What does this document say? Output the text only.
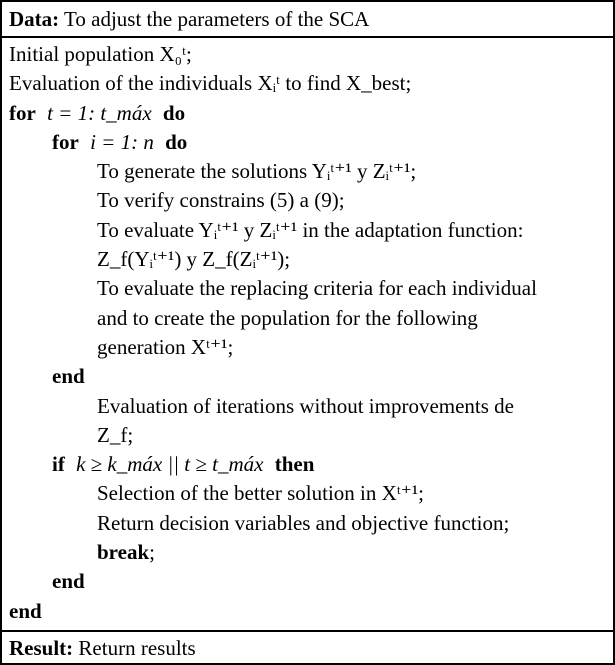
Data: To adjust the parameters of the SCA
Initial population X₀ᵗ;
Evaluation of the individuals Xᵢᵗ to find X_best;
for t = 1: t_máx do
for i = 1: n do
To generate the solutions Yᵢᵗ⁺¹ y Zᵢᵗ⁺¹;
To verify constrains (5) a (9);
To evaluate Yᵢᵗ⁺¹ y Zᵢᵗ⁺¹ in the adaptation function:
Z_f(Yᵢᵗ⁺¹) y Z_f(Zᵢᵗ⁺¹);
To evaluate the replacing criteria for each individual
and to create the population for the following
generation Xᵗ⁺¹;
end
Evaluation of iterations without improvements de
Z_f;
if k ≥ k_máx || t ≥ t_máx then
Selection of the better solution in Xᵗ⁺¹;
Return decision variables and objective function;
break;
end
end
Result: Return results
